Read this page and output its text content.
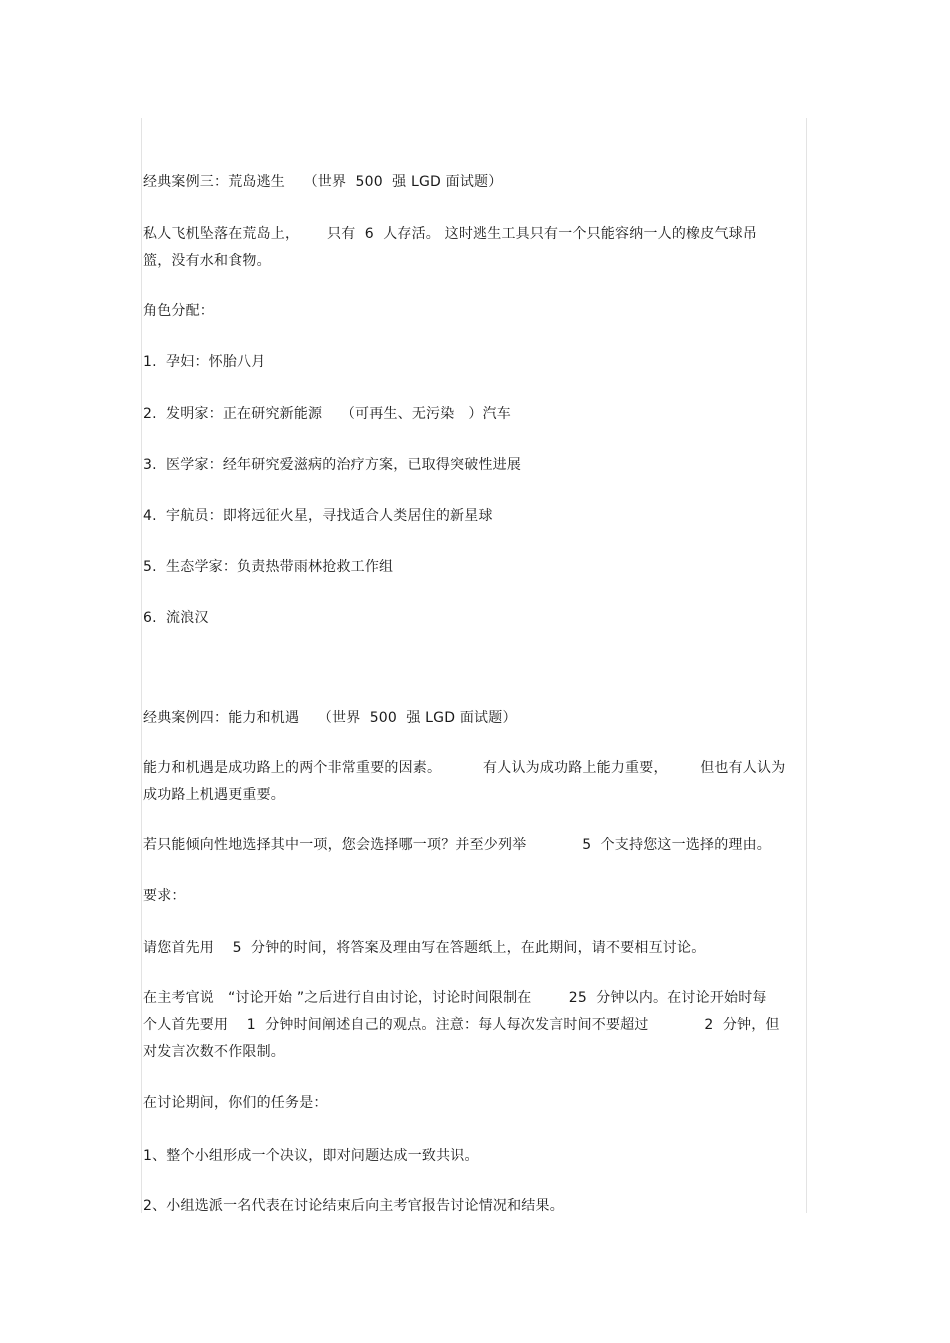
经典案例三：荒岛逃生    （世界  500  强 LGD 面试题）
私人飞机坠落在荒岛上，      只有  6  人存活。 这时逃生工具只有一个只能容纳一人的橡皮气球吊
篮，没有水和食物。
角色分配：
1.  孕妇：怀胎八月
2.  发明家：正在研究新能源    （可再生、无污染   ）汽车
3.  医学家：经年研究爱滋病的治疗方案，已取得突破性进展
4.  宇航员：即将远征火星，寻找适合人类居住的新星球
5.  生态学家：负责热带雨林抢救工作组
6.  流浪汉
经典案例四：能力和机遇    （世界  500  强 LGD 面试题）
能力和机遇是成功路上的两个非常重要的因素。         有人认为成功路上能力重要，       但也有人认为
成功路上机遇更重要。
若只能倾向性地选择其中一项，您会选择哪一项？并至少列举            5  个支持您这一选择的理由。
要求：
请您首先用    5  分钟的时间，将答案及理由写在答题纸上，在此期间，请不要相互讨论。
在主考官说   “讨论开始 ”之后进行自由讨论，讨论时间限制在        25  分钟以内。在讨论开始时每
个人首先要用    1  分钟时间阐述自己的观点。注意：每人每次发言时间不要超过            2  分钟，但
对发言次数不作限制。
在讨论期间，你们的任务是：
1、整个小组形成一个决议，即对问题达成一致共识。
2、小组选派一名代表在讨论结束后向主考官报告讨论情况和结果。
